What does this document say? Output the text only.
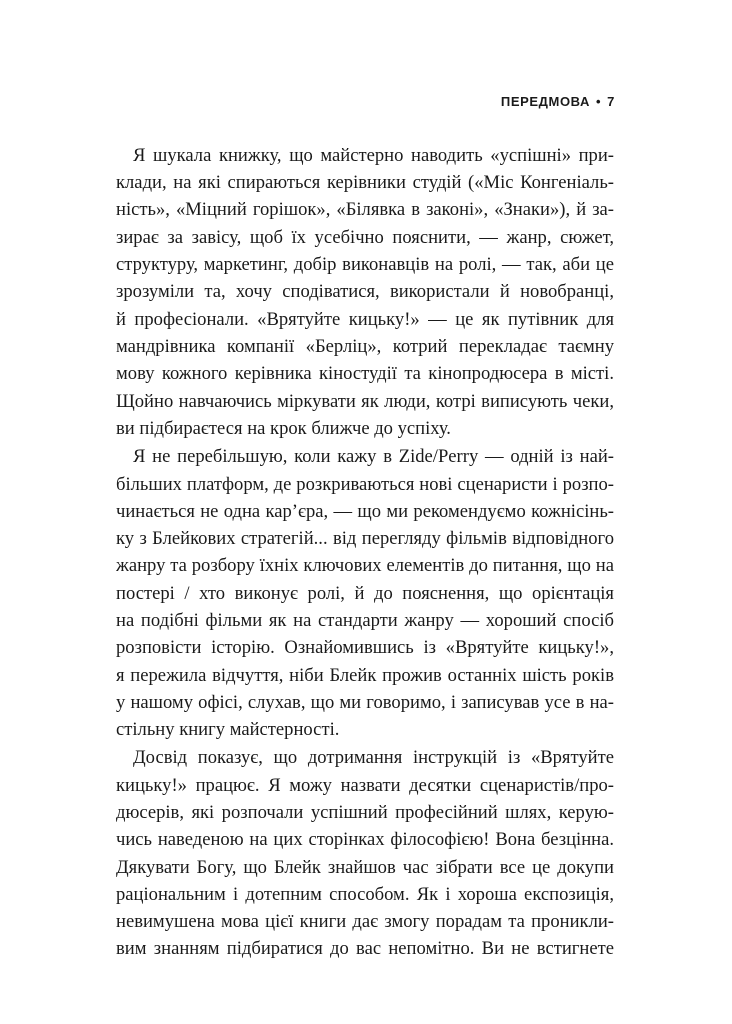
ПЕРЕДМОВА • 7
Я шукала книжку, що майстерно наводить «успішні» при-
клади, на які спираються керівники студій («Міс Конгеніаль-
ність», «Міцний горішок», «Білявка в законі», «Знаки»), й за-
зирає за завісу, щоб їх усебічно пояснити, — жанр, сюжет,
структуру, маркетинг, добір виконавців на ролі, — так, аби це
зрозуміли та, хочу сподіватися, використали й новобранці,
й професіонали. «Врятуйте кицьку!» — це як путівник для
мандрівника компанії «Берліц», котрий перекладає таємну
мову кожного керівника кіностудії та кінопродюсера в місті.
Щойно навчаючись міркувати як люди, котрі виписують чеки,
ви підбираєтеся на крок ближче до успіху.
Я не перебільшую, коли кажу в Zide/Perry — одній із най-
більших платформ, де розкриваються нові сценаристи і розпо-
чинається не одна кар’єра, — що ми рекомендуємо кожнісінь-
ку з Блейкових стратегій... від перегляду фільмів відповідного
жанру та розбору їхніх ключових елементів до питання, що на
постері / хто виконує ролі, й до пояснення, що орієнтація
на подібні фільми як на стандарти жанру — хороший спосіб
розповісти історію. Ознайомившись із «Врятуйте кицьку!»,
я пережила відчуття, ніби Блейк прожив останніх шість років
у нашому офісі, слухав, що ми говоримо, і записував усе в на-
стільну книгу майстерності.
Досвід показує, що дотримання інструкцій із «Врятуйте
кицьку!» працює. Я можу назвати десятки сценаристів/про-
дюсерів, які розпочали успішний професійний шлях, керую-
чись наведеною на цих сторінках філософією! Вона безцінна.
Дякувати Богу, що Блейк знайшов час зібрати все це докупи
раціональним і дотепним способом. Як і хороша експозиція,
невимушена мова цієї книги дає змогу порадам та проникли-
вим знанням підбиратися до вас непомітно. Ви не встигнете
